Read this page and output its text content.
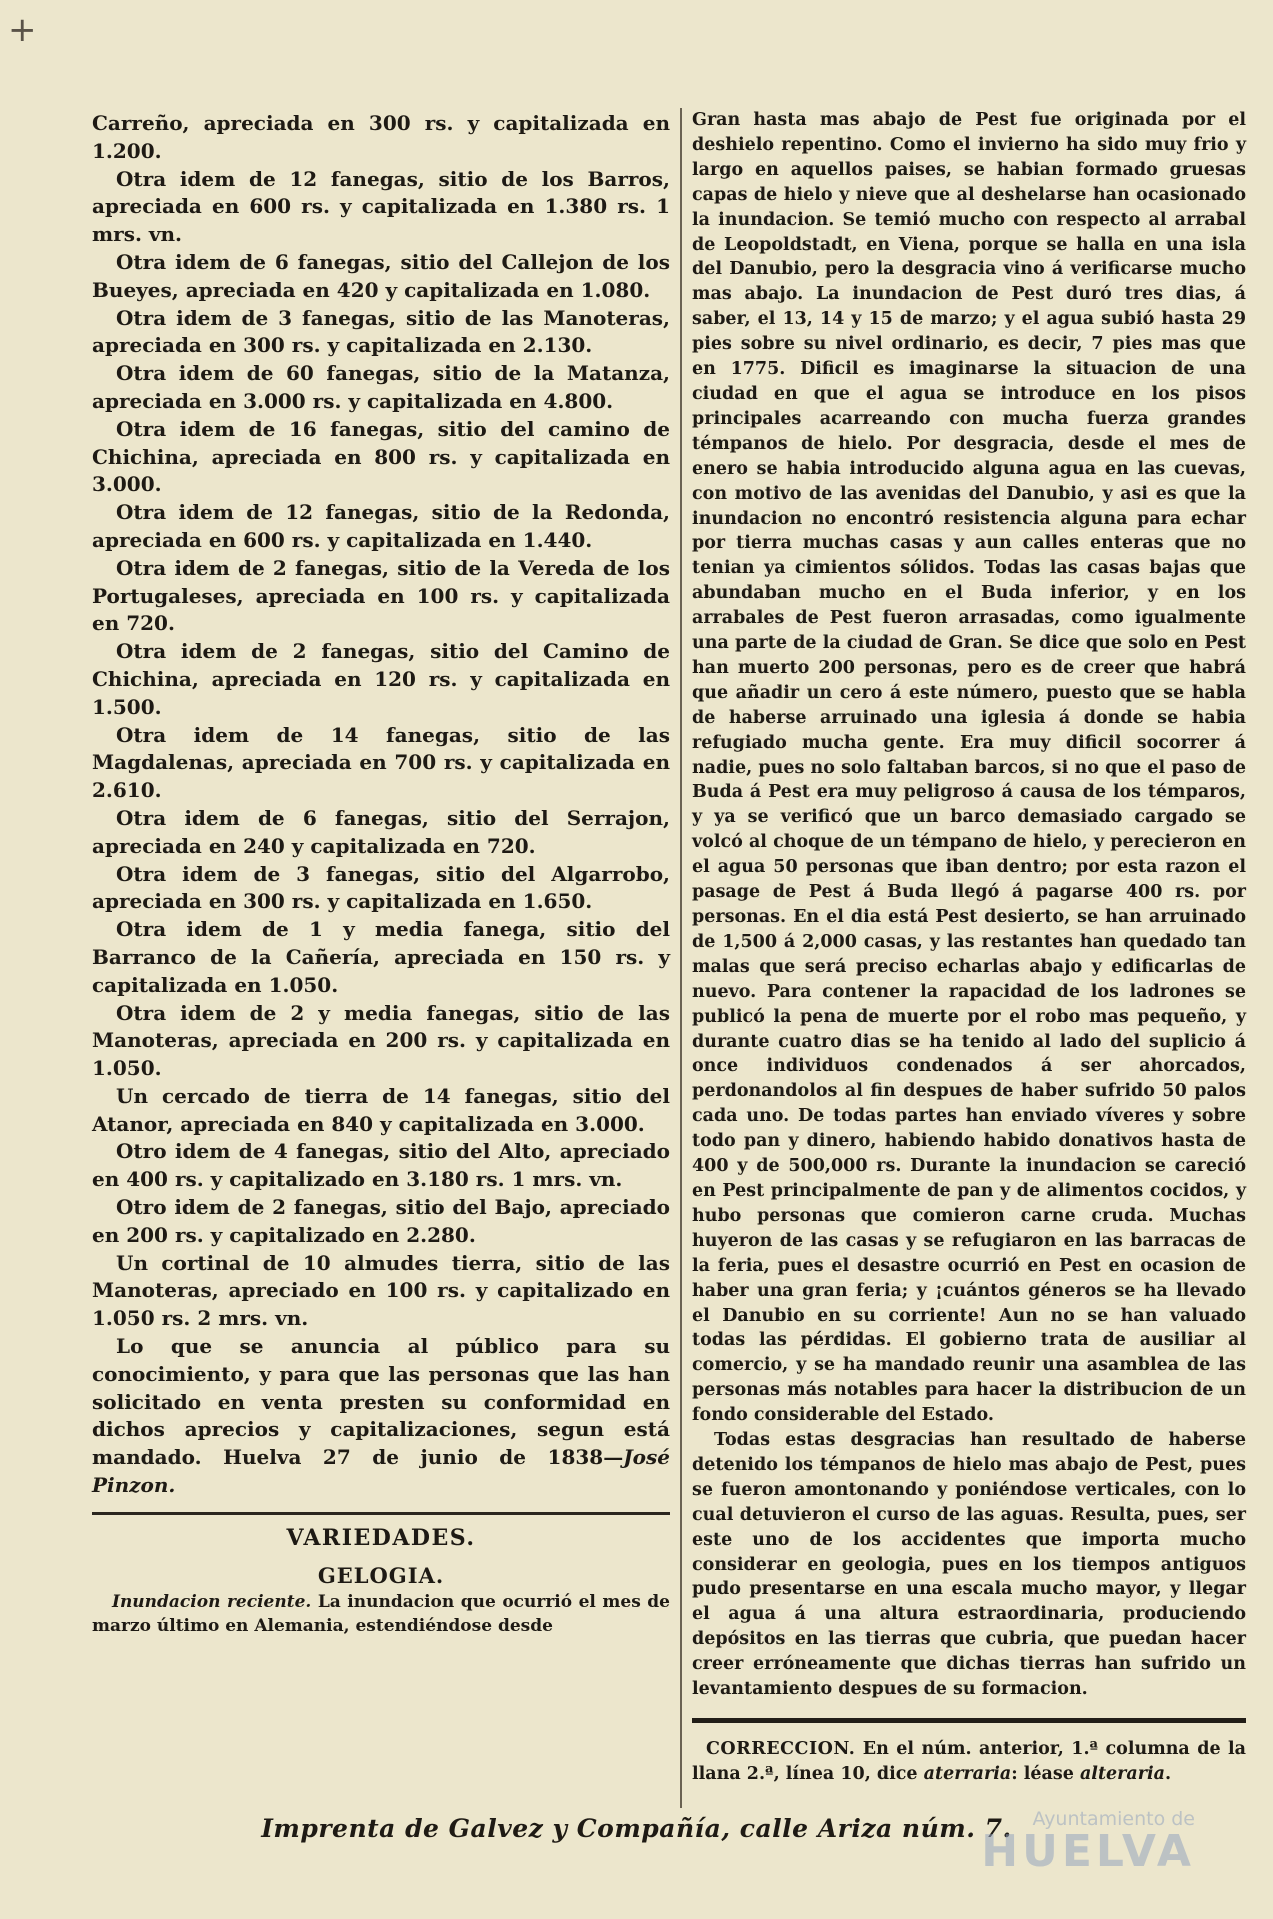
+

Carreño, apreciada en 300 rs. y capitalizada en 1.200.

Otra idem de 12 fanegas, sitio de los Barros, apreciada en 600 rs. y capitalizada en 1.380 rs. 1 mrs. vn.

Otra idem de 6 fanegas, sitio del Callejon de los Bueyes, apreciada en 420 y capitalizada en 1.080.

Otra idem de 3 fanegas, sitio de las Manoteras, apreciada en 300 rs. y capitalizada en 2.130.

Otra idem de 60 fanegas, sitio de la Matanza, apreciada en 3.000 rs. y capitalizada en 4.800.

Otra idem de 16 fanegas, sitio del camino de Chichina, apreciada en 800 rs. y capitalizada en 3.000.

Otra idem de 12 fanegas, sitio de la Redonda, apreciada en 600 rs. y capitalizada en 1.440.

Otra idem de 2 fanegas, sitio de la Vereda de los Portugaleses, apreciada en 100 rs. y capitalizada en 720.

Otra idem de 2 fanegas, sitio del Camino de Chichina, apreciada en 120 rs. y capitalizada en 1.500.

Otra idem de 14 fanegas, sitio de las Magdalenas, apreciada en 700 rs. y capitalizada en 2.610.

Otra idem de 6 fanegas, sitio del Serrajon, apreciada en 240 y capitalizada en 720.

Otra idem de 3 fanegas, sitio del Algarrobo, apreciada en 300 rs. y capitalizada en 1.650.

Otra idem de 1 y media fanega, sitio del Barranco de la Cañería, apreciada en 150 rs. y capitalizada en 1.050.

Otra idem de 2 y media fanegas, sitio de las Manoteras, apreciada en 200 rs. y capitalizada en 1.050.

Un cercado de tierra de 14 fanegas, sitio del Atanor, apreciada en 840 y capitalizada en 3.000.

Otro idem de 4 fanegas, sitio del Alto, apreciado en 400 rs. y capitalizado en 3.180 rs. 1 mrs. vn.

Otro idem de 2 fanegas, sitio del Bajo, apreciado en 200 rs. y capitalizado en 2.280.

Un cortinal de 10 almudes tierra, sitio de las Manoteras, apreciado en 100 rs. y capitalizado en 1.050 rs. 2 mrs. vn.

Lo que se anuncia al público para su conocimiento, y para que las personas que las han solicitado en venta presten su conformidad en dichos aprecios y capitalizaciones, segun está mandado. Huelva 27 de junio de 1838—José Pinzon.

VARIEDADES.
GELOGIA.

Inundacion reciente. La inundacion que ocurrió el mes de marzo último en Alemania, estendiéndose desde

Gran hasta mas abajo de Pest fue originada por el deshielo repentino. Como el invierno ha sido muy frio y largo en aquellos paises, se habian formado gruesas capas de hielo y nieve que al deshelarse han ocasionado la inundacion. Se temió mucho con respecto al arrabal de Leopoldstadt, en Viena, porque se halla en una isla del Danubio, pero la desgracia vino á verificarse mucho mas abajo. La inundacion de Pest duró tres dias, á saber, el 13, 14 y 15 de marzo; y el agua subió hasta 29 pies sobre su nivel ordinario, es decir, 7 pies mas que en 1775. Dificil es imaginarse la situacion de una ciudad en que el agua se introduce en los pisos principales acarreando con mucha fuerza grandes témpanos de hielo. Por desgracia, desde el mes de enero se habia introducido alguna agua en las cuevas, con motivo de las avenidas del Danubio, y asi es que la inundacion no encontró resistencia alguna para echar por tierra muchas casas y aun calles enteras que no tenian ya cimientos sólidos. Todas las casas bajas que abundaban mucho en el Buda inferior, y en los arrabales de Pest fueron arrasadas, como igualmente una parte de la ciudad de Gran. Se dice que solo en Pest han muerto 200 personas, pero es de creer que habrá que añadir un cero á este número, puesto que se habla de haberse arruinado una iglesia á donde se habia refugiado mucha gente. Era muy dificil socorrer á nadie, pues no solo faltaban barcos, si no que el paso de Buda á Pest era muy peligroso á causa de los témparos, y ya se verificó que un barco demasiado cargado se volcó al choque de un témpano de hielo, y perecieron en el agua 50 personas que iban dentro; por esta razon el pasage de Pest á Buda llegó á pagarse 400 rs. por personas. En el dia está Pest desierto, se han arruinado de 1,500 á 2,000 casas, y las restantes han quedado tan malas que será preciso echarlas abajo y edificarlas de nuevo. Para contener la rapacidad de los ladrones se publicó la pena de muerte por el robo mas pequeño, y durante cuatro dias se ha tenido al lado del suplicio á once individuos condenados á ser ahorcados, perdonandolos al fin despues de haber sufrido 50 palos cada uno. De todas partes han enviado víveres y sobre todo pan y dinero, habiendo habido donativos hasta de 400 y de 500,000 rs. Durante la inundacion se careció en Pest principalmente de pan y de alimentos cocidos, y hubo personas que comieron carne cruda. Muchas huyeron de las casas y se refugiaron en las barracas de la feria, pues el desastre ocurrió en Pest en ocasion de haber una gran feria; y ¡cuántos géneros se ha llevado el Danubio en su corriente! Aun no se han valuado todas las pérdidas. El gobierno trata de ausiliar al comercio, y se ha mandado reunir una asamblea de las personas más notables para hacer la distribucion de un fondo considerable del Estado.

Todas estas desgracias han resultado de haberse detenido los témpanos de hielo mas abajo de Pest, pues se fueron amontonando y poniéndose verticales, con lo cual detuvieron el curso de las aguas. Resulta, pues, ser este uno de los accidentes que importa mucho considerar en geologia, pues en los tiempos antiguos pudo presentarse en una escala mucho mayor, y llegar el agua á una altura estraordinaria, produciendo depósitos en las tierras que cubria, que puedan hacer creer erróneamente que dichas tierras han sufrido un levantamiento despues de su formacion.

CORRECCION. En el núm. anterior, 1.ª columna de la llana 2.ª, línea 10, dice aterraria: léase alteraria.

Imprenta de Galvez y Compañía, calle Ariza núm. 7.	Ayuntamiento de
HUELVA
